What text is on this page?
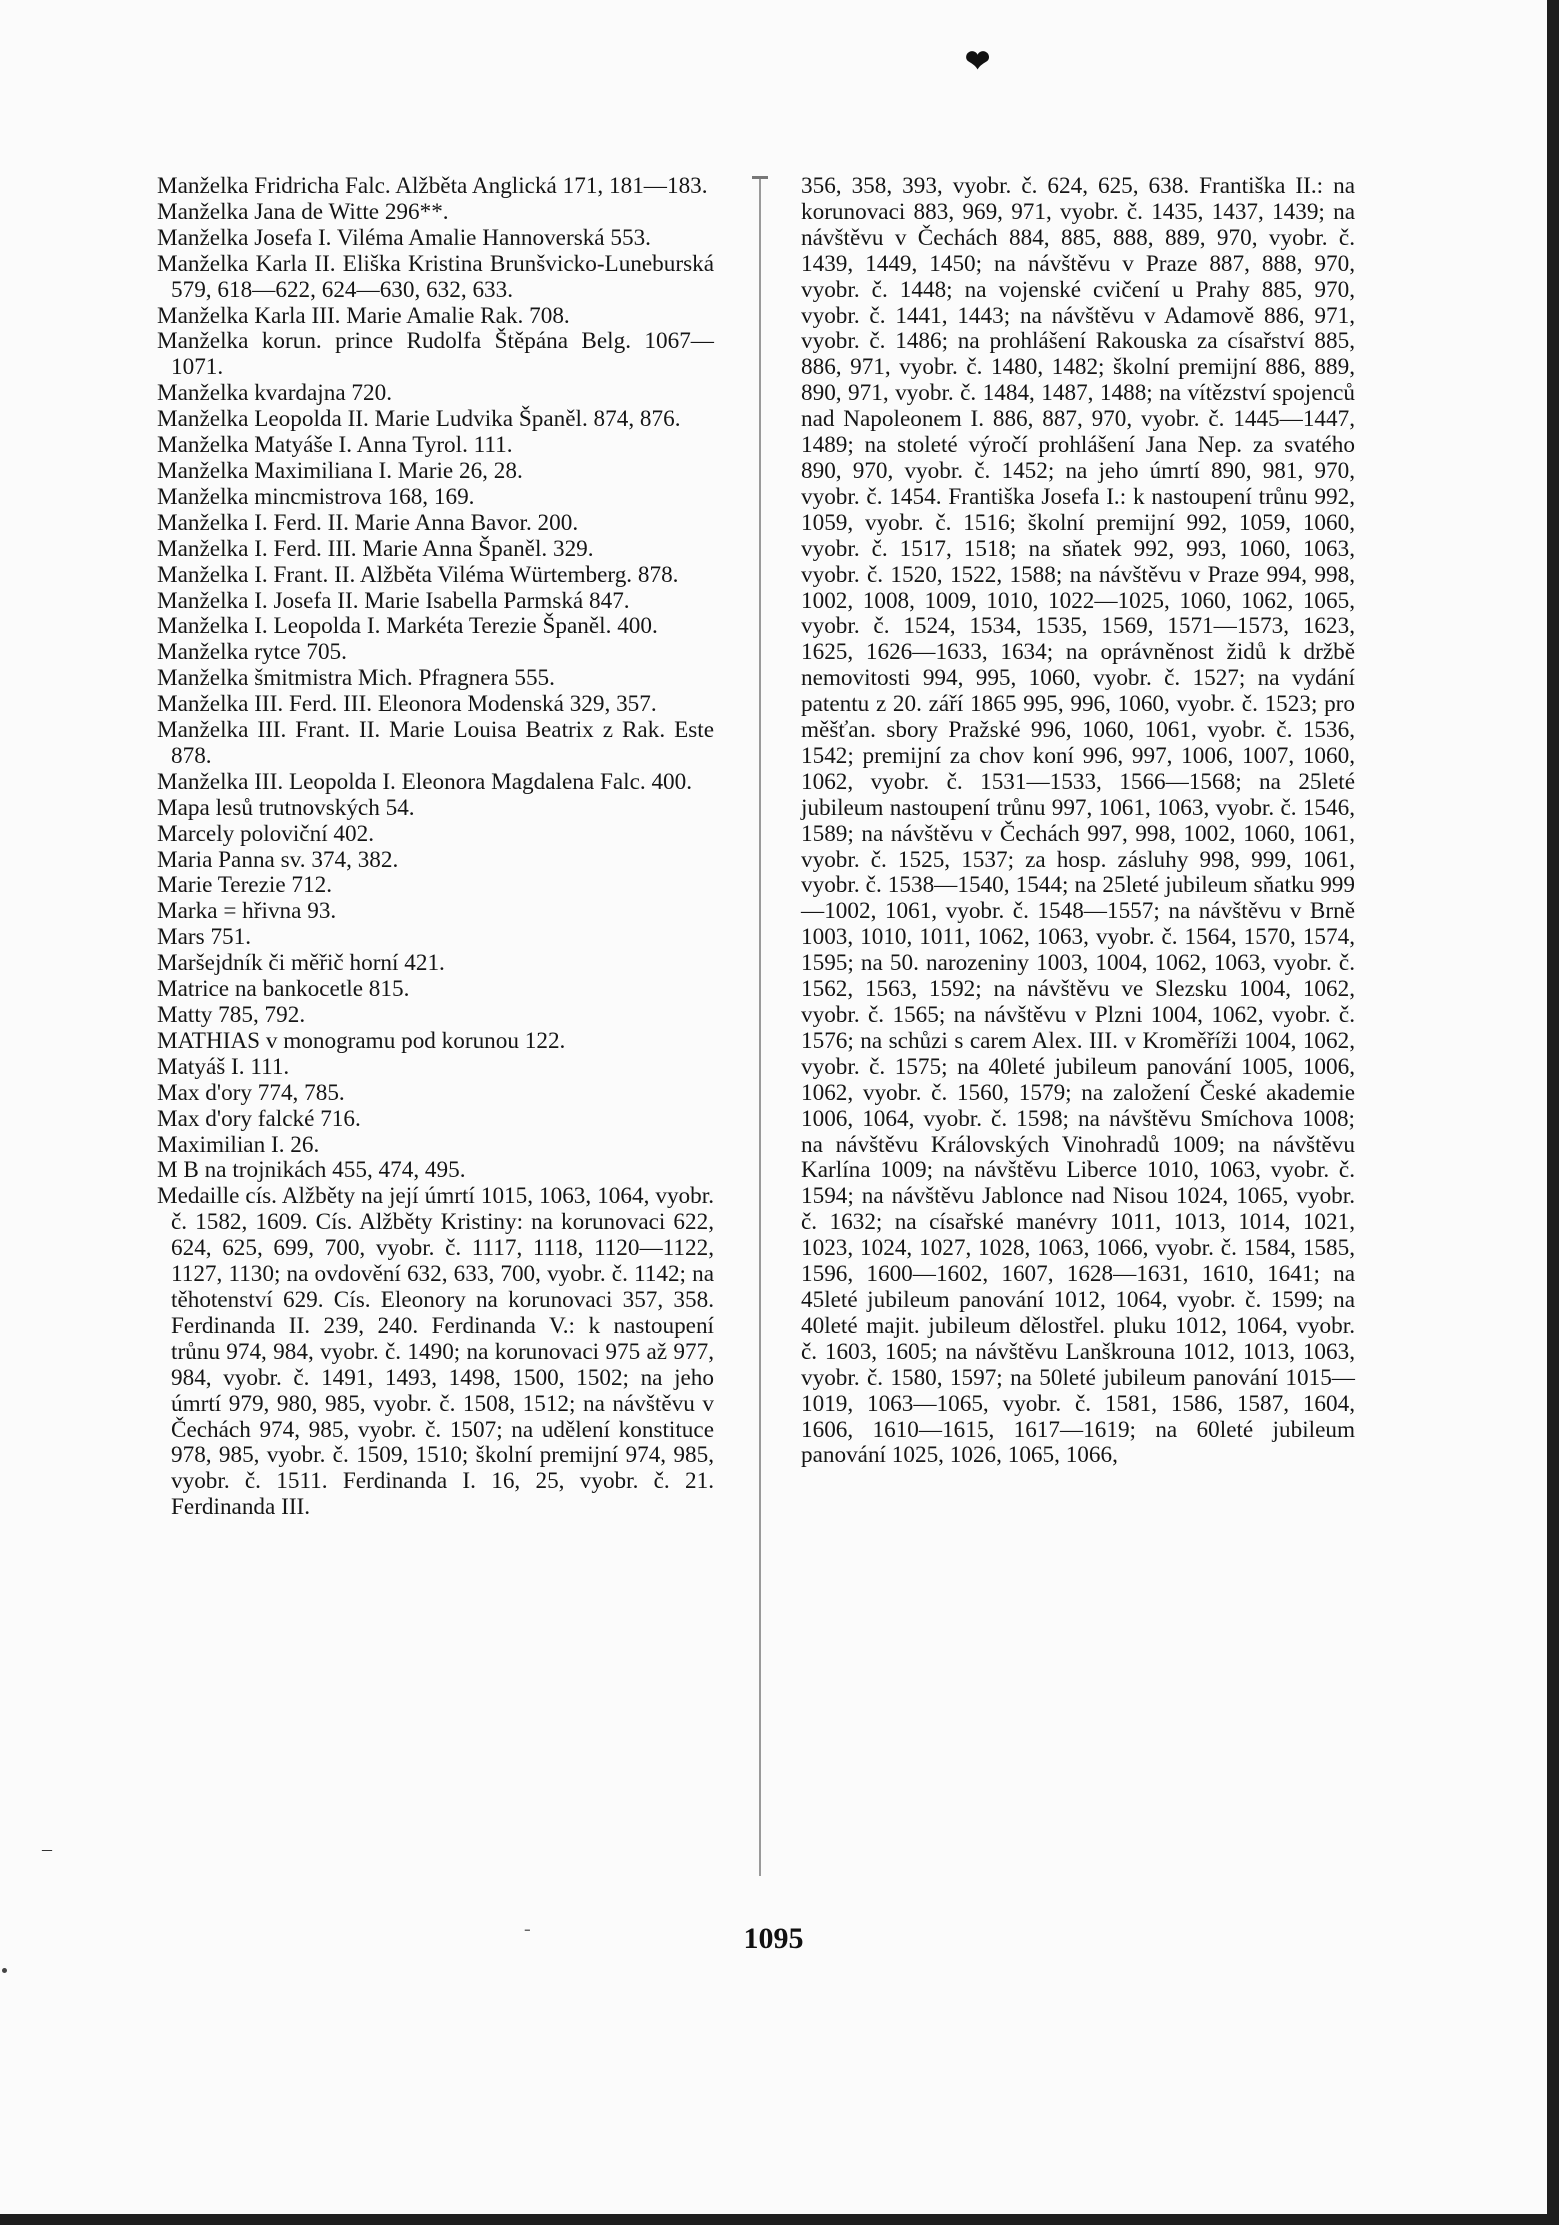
❤

Manželka Fridricha Falc. Alžběta Anglická 171, 181—183.

Manželka Jana de Witte 296**.

Manželka Josefa I. Viléma Amalie Hannoverská 553.

Manželka Karla II. Eliška Kristina Brunšvicko-Luneburská 579, 618—622, 624—630, 632, 633.

Manželka Karla III. Marie Amalie Rak. 708.

Manželka korun. prince Rudolfa Štěpána Belg. 1067—1071.

Manželka kvardajna 720.

Manželka Leopolda II. Marie Ludvika Španěl. 874, 876.

Manželka Matyáše I. Anna Tyrol. 111.

Manželka Maximiliana I. Marie 26, 28.

Manželka mincmistrova 168, 169.

Manželka I. Ferd. II. Marie Anna Bavor. 200.

Manželka I. Ferd. III. Marie Anna Španěl. 329.

Manželka I. Frant. II. Alžběta Viléma Würtemberg. 878.

Manželka I. Josefa II. Marie Isabella Parmská 847.

Manželka I. Leopolda I. Markéta Terezie Španěl. 400.

Manželka rytce 705.

Manželka šmitmistra Mich. Pfragnera 555.

Manželka III. Ferd. III. Eleonora Modenská 329, 357.

Manželka III. Frant. II. Marie Louisa Beatrix z Rak. Este 878.

Manželka III. Leopolda I. Eleonora Magdalena Falc. 400.

Mapa lesů trutnovských 54.

Marcely poloviční 402.

Maria Panna sv. 374, 382.

Marie Terezie 712.

Marka = hřivna 93.

Mars 751.

Maršejdník či měřič horní 421.

Matrice na bankocetle 815.

Matty 785, 792.

MATHIAS v monogramu pod korunou 122.

Matyáš I. 111.

Max d'ory 774, 785.

Max d'ory falcké 716.

Maximilian I. 26.

M B na trojnikách 455, 474, 495.

Medaille cís. Alžběty na její úmrtí 1015, 1063, 1064, vyobr. č. 1582, 1609. Cís. Alžběty Kristiny: na korunovaci 622, 624, 625, 699, 700, vyobr. č. 1117, 1118, 1120—1122, 1127, 1130; na ovdovění 632, 633, 700, vyobr. č. 1142; na těhotenství 629. Cís. Eleonory na korunovaci 357, 358. Ferdinanda II. 239, 240. Ferdinanda V.: k nastoupení trůnu 974, 984, vyobr. č. 1490; na korunovaci 975 až 977, 984, vyobr. č. 1491, 1493, 1498, 1500, 1502; na jeho úmrtí 979, 980, 985, vyobr. č. 1508, 1512; na návštěvu v Čechách 974, 985, vyobr. č. 1507; na udělení konstituce 978, 985, vyobr. č. 1509, 1510; školní premijní 974, 985, vyobr. č. 1511. Ferdinanda I. 16, 25, vyobr. č. 21. Ferdinanda III.

356, 358, 393, vyobr. č. 624, 625, 638. Františka II.: na korunovaci 883, 969, 971, vyobr. č. 1435, 1437, 1439; na návštěvu v Čechách 884, 885, 888, 889, 970, vyobr. č. 1439, 1449, 1450; na návštěvu v Praze 887, 888, 970, vyobr. č. 1448; na vojenské cvičení u Prahy 885, 970, vyobr. č. 1441, 1443; na návštěvu v Adamově 886, 971, vyobr. č. 1486; na prohlášení Rakouska za císařství 885, 886, 971, vyobr. č. 1480, 1482; školní premijní 886, 889, 890, 971, vyobr. č. 1484, 1487, 1488; na vítězství spojenců nad Napoleonem I. 886, 887, 970, vyobr. č. 1445—1447, 1489; na stoleté výročí prohlášení Jana Nep. za svatého 890, 970, vyobr. č. 1452; na jeho úmrtí 890, 981, 970, vyobr. č. 1454. Františka Josefa I.: k nastoupení trůnu 992, 1059, vyobr. č. 1516; školní premijní 992, 1059, 1060, vyobr. č. 1517, 1518; na sňatek 992, 993, 1060, 1063, vyobr. č. 1520, 1522, 1588; na návštěvu v Praze 994, 998, 1002, 1008, 1009, 1010, 1022—1025, 1060, 1062, 1065, vyobr. č. 1524, 1534, 1535, 1569, 1571—1573, 1623, 1625, 1626—1633, 1634; na oprávněnost židů k držbě nemovitosti 994, 995, 1060, vyobr. č. 1527; na vydání patentu z 20. září 1865 995, 996, 1060, vyobr. č. 1523; pro měšťan. sbory Pražské 996, 1060, 1061, vyobr. č. 1536, 1542; premijní za chov koní 996, 997, 1006, 1007, 1060, 1062, vyobr. č. 1531—1533, 1566—1568; na 25leté jubileum nastoupení trůnu 997, 1061, 1063, vyobr. č. 1546, 1589; na návštěvu v Čechách 997, 998, 1002, 1060, 1061, vyobr. č. 1525, 1537; za hosp. zásluhy 998, 999, 1061, vyobr. č. 1538—1540, 1544; na 25leté jubileum sňatku 999—1002, 1061, vyobr. č. 1548—1557; na návštěvu v Brně 1003, 1010, 1011, 1062, 1063, vyobr. č. 1564, 1570, 1574, 1595; na 50. narozeniny 1003, 1004, 1062, 1063, vyobr. č. 1562, 1563, 1592; na návštěvu ve Slezsku 1004, 1062, vyobr. č. 1565; na návštěvu v Plzni 1004, 1062, vyobr. č. 1576; na schůzi s carem Alex. III. v Kroměříži 1004, 1062, vyobr. č. 1575; na 40leté jubileum panování 1005, 1006, 1062, vyobr. č. 1560, 1579; na založení České akademie 1006, 1064, vyobr. č. 1598; na návštěvu Smíchova 1008; na návštěvu Královských Vinohradů 1009; na návštěvu Karlína 1009; na návštěvu Liberce 1010, 1063, vyobr. č. 1594; na návštěvu Jablonce nad Nisou 1024, 1065, vyobr. č. 1632; na císařské manévry 1011, 1013, 1014, 1021, 1023, 1024, 1027, 1028, 1063, 1066, vyobr. č. 1584, 1585, 1596, 1600—1602, 1607, 1628—1631, 1610, 1641; na 45leté jubileum panování 1012, 1064, vyobr. č. 1599; na 40leté majit. jubileum dělostřel. pluku 1012, 1064, vyobr. č. 1603, 1605; na návštěvu Lanškrouna 1012, 1013, 1063, vyobr. č. 1580, 1597; na 50leté jubileum panování 1015—1019, 1063—1065, vyobr. č. 1581, 1586, 1587, 1604, 1606, 1610—1615, 1617—1619; na 60leté jubileum panování 1025, 1026, 1065, 1066,

–
-	1095
